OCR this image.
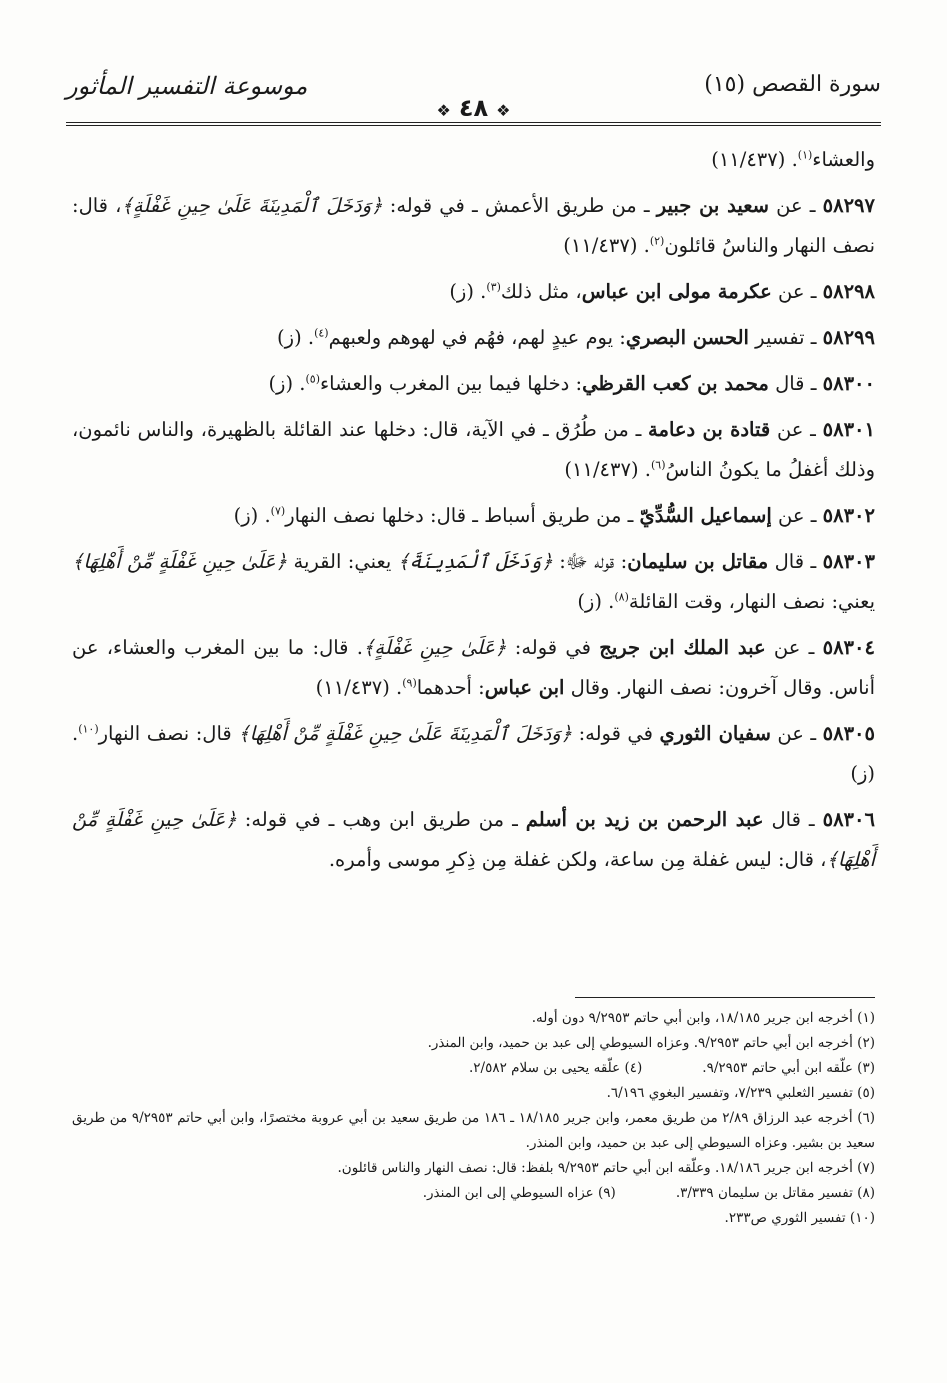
سورة القصص (١٥)
❖٤٨❖
موسوعة التفسير المأثور

والعشاء$^{(١)}$. (١١/٤٣٧)

٥٨٢٩٧ ـ عن سعيد بن جبير ـ من طريق الأعمش ـ في قوله: ﴿وَدَخَلَ ٱلْمَدِينَةَ عَلَىٰ حِينِ غَفْلَةٍ﴾، قال: نصف النهار والناسُ قائلون$^{(٢)}$. (١١/٤٣٧)

٥٨٢٩٨ ـ عن عكرمة مولى ابن عباس، مثل ذلك$^{(٣)}$. (ز)

٥٨٢٩٩ ـ تفسير الحسن البصري: يوم عيدٍ لهم، فهُم في لهوهم ولعبهم$^{(٤)}$. (ز)

٥٨٣٠٠ ـ قال محمد بن كعب القرظي: دخلها فيما بين المغرب والعشاء$^{(٥)}$. (ز)

٥٨٣٠١ ـ عن قتادة بن دعامة ـ من طُرُق ـ في الآية، قال: دخلها عند القائلة بالظهيرة، والناس نائمون، وذلك أغفلُ ما يكونُ الناسُ$^{(٦)}$. (١١/٤٣٧)

٥٨٣٠٢ ـ عن إسماعيل السُّدِّيّ ـ من طريق أسباط ـ قال: دخلها نصف النهار$^{(٧)}$. (ز)

٥٨٣٠٣ ـ قال مقاتل بن سليمان: قوله ﷻ: ﴿وَدَخَلَ ٱلْمَدِينَةَ﴾ يعني: القرية ﴿عَلَىٰ حِينِ غَفْلَةٍ مِّنْ أَهْلِهَا﴾ يعني: نصف النهار، وقت القائلة$^{(٨)}$. (ز)

٥٨٣٠٤ ـ عن عبد الملك ابن جريج في قوله: ﴿عَلَىٰ حِينِ غَفْلَةٍ﴾. قال: ما بين المغرب والعشاء، عن أناس. وقال آخرون: نصف النهار. وقال ابن عباس: أحدهما$^{(٩)}$. (١١/٤٣٧)

٥٨٣٠٥ ـ عن سفيان الثوري في قوله: ﴿وَدَخَلَ ٱلْمَدِينَةَ عَلَىٰ حِينِ غَفْلَةٍ مِّنْ أَهْلِهَا﴾ قال: نصف النهار$^{(١٠)}$. (ز)

٥٨٣٠٦ ـ قال عبد الرحمن بن زيد بن أسلم ـ من طريق ابن وهب ـ في قوله: ﴿عَلَىٰ حِينِ غَفْلَةٍ مِّنْ أَهْلِهَا﴾، قال: ليس غفلة مِن ساعة، ولكن غفلة مِن ذِكرِ موسى وأمره.

(١) أخرجه ابن جرير ١٨/١٨٥، وابن أبي حاتم ٩/٢٩٥٣ دون أوله.

(٢) أخرجه ابن أبي حاتم ٩/٢٩٥٣. وعزاه السيوطي إلى عبد بن حميد، وابن المنذر.

(٣) علّقه ابن أبي حاتم ٩/٢٩٥٣.
(٤) علّقه يحيى بن سلام ٢/٥٨٢.

(٥) تفسير الثعلبي ٧/٢٣٩، وتفسير البغوي ٦/١٩٦.

(٦) أخرجه عبد الرزاق ٢/٨٩ من طريق معمر، وابن جرير ١٨/١٨٥ ـ ١٨٦ من طريق سعيد بن أبي عروبة مختصرًا، وابن أبي حاتم ٩/٢٩٥٣ من طريق سعيد بن بشير. وعزاه السيوطي إلى عبد بن حميد، وابن المنذر.

(٧) أخرجه ابن جرير ١٨/١٨٦. وعلّقه ابن أبي حاتم ٩/٢٩٥٣ بلفظ: قال: نصف النهار والناس قائلون.

(٨) تفسير مقاتل بن سليمان ٣/٣٣٩.
(٩) عزاه السيوطي إلى ابن المنذر.

(١٠) تفسير الثوري ص٢٣٣.
